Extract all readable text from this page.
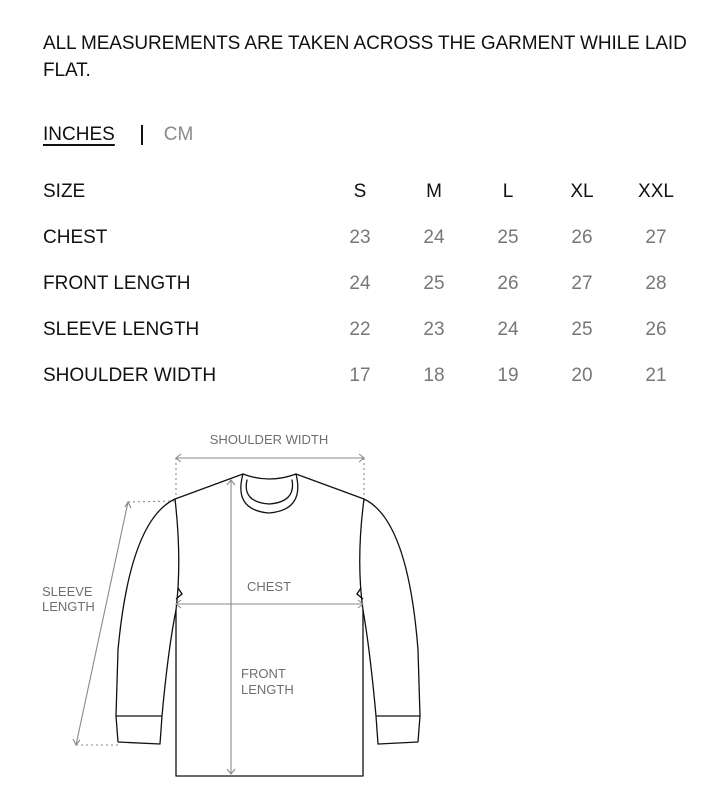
ALL MEASUREMENTS ARE TAKEN ACROSS THE GARMENT WHILE LAID FLAT.

INCHES	CM
SIZE	S	M	L	XL	XXL
CHEST	23	24	25	26	27
FRONT LENGTH	24	25	26	27	28
SLEEVE LENGTH	22	23	24	25	26
SHOULDER WIDTH	17	18	19	20	21
SHOULDER WIDTH
CHEST
SLEEVE
LENGTH
FRONT
LENGTH
